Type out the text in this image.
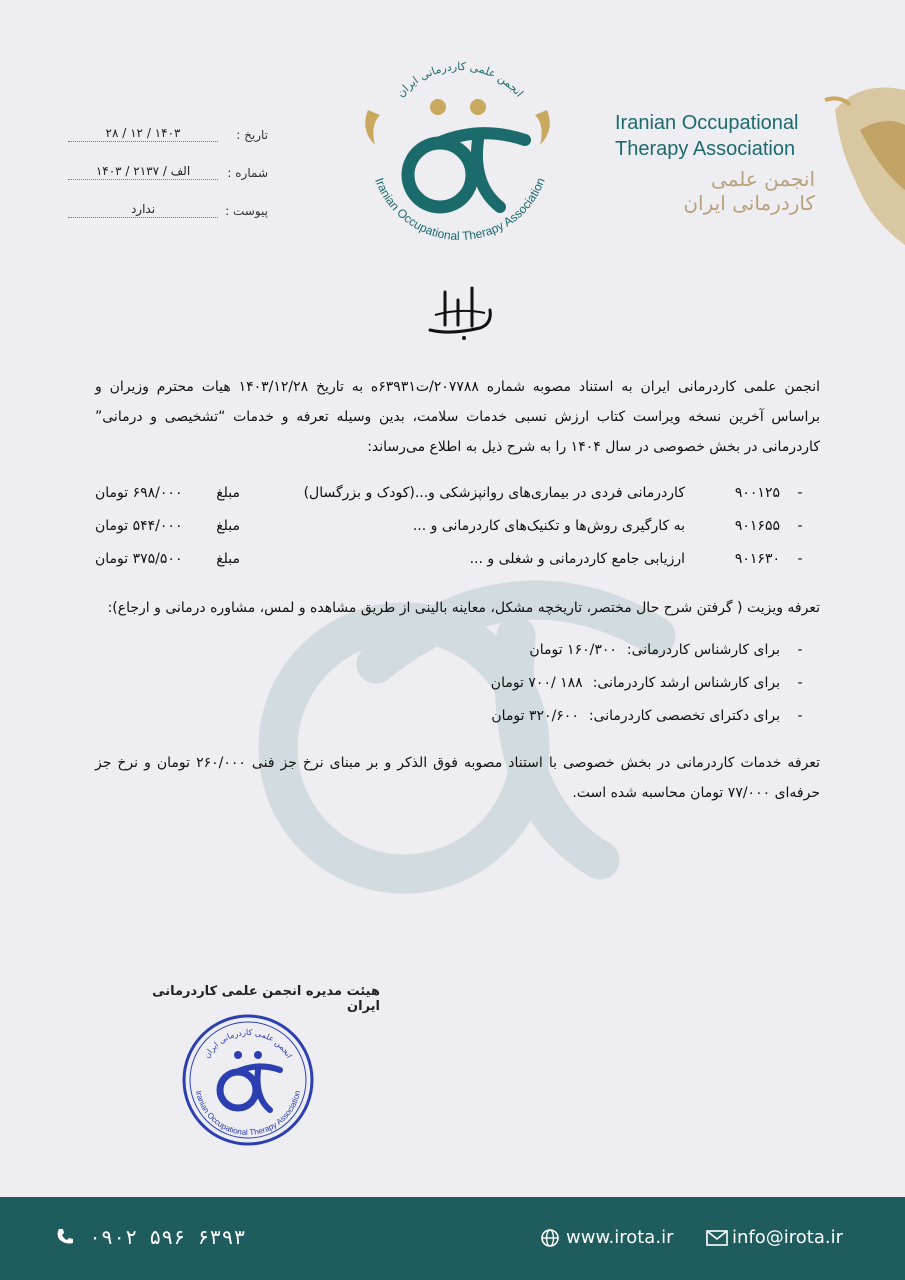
Iranian Occupational
Therapy Association
انجمن علمی
کاردرمانی ایران
انجمن علمی کاردرمانی ایران
Iranian Occupational Therapy Association
تاریخ :
۱۴۰۳ / ۱۲ / ۲۸
شماره :
الف / ۲۱۳۷ / ۱۴۰۳
پیوست :
ندارد

انجمن علمی کاردرمانی ایران به استناد مصوبه شماره ۲۰۷۷۸۸/ت۶۳۹۳۱ه به تاریخ ۱۴۰۳/۱۲/۲۸ هیات محترم وزیران و براساس آخرین نسخه ویراست کتاب ارزش نسبی خدمات سلامت، بدین وسیله تعرفه و خدمات “تشخیصی و درمانی” کاردرمانی در بخش خصوصی در سال ۱۴۰۴ را به شرح ذیل به اطلاع می‌رساند:

-
۹۰۰۱۲۵
کاردرمانی فردی در بیماری‌های روانپزشکی و...(کودک و بزرگسال)
مبلغ
۶۹۸/۰۰۰ تومان
-
۹۰۱۶۵۵
به کارگیری روش‌ها و تکنیک‌های کاردرمانی و ...
مبلغ
۵۴۴/۰۰۰ تومان
-
۹۰۱۶۳۰
ارزیابی جامع کاردرمانی و شغلی و ...
مبلغ
۳۷۵/۵۰۰ تومان

تعرفه ویزیت ( گرفتن شرح حال مختصر، تاریخچه مشکل، معاینه بالینی از طریق مشاهده و لمس، مشاوره درمانی و ارجاع):

-
برای کارشناس کاردرمانی:
۱۶۰/۳۰۰ تومان
-
برای کارشناس ارشد کاردرمانی:
۱۸۸ /۷۰۰ تومان
-
برای دکترای تخصصی کاردرمانی:
۳۲۰/۶۰۰ تومان

تعرفه خدمات کاردرمانی در بخش خصوصی با استناد مصوبه فوق الذکر و بر مبنای نرخ جز فنی ۲۶۰/۰۰۰ تومان و نرخ جز حرفه‌ای ۷۷/۰۰۰ تومان محاسبه شده است.

هیئت مدیره انجمن علمی کاردرمانی ایران
انجمن علمی کاردرمانی ایران
Iranian Occupational Therapy Association
۰۹۰۲ ۵۹۶ ۶۳۹۳	www.irota.ir	info@irota.ir
